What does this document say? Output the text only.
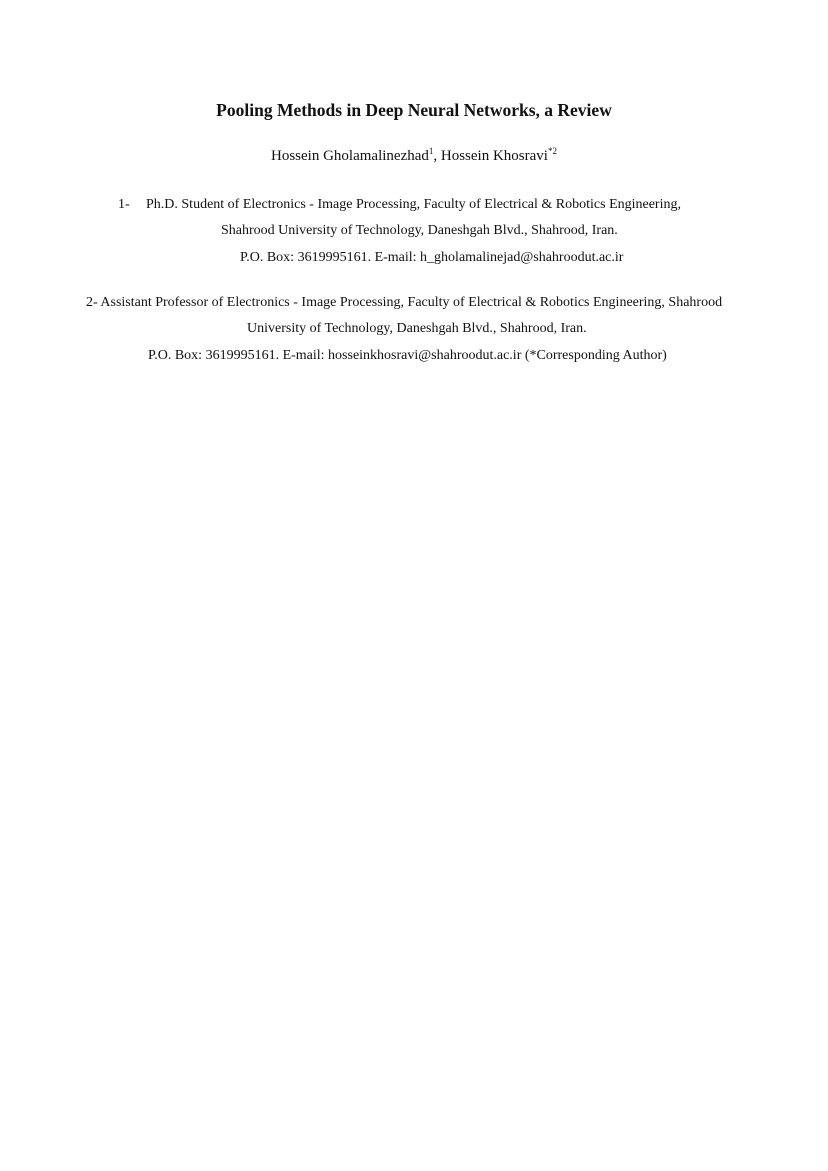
Pooling Methods in Deep Neural Networks, a Review
Hossein Gholamalinezhad$^1$, Hossein Khosravi$^{*2}$
1- Ph.D. Student of Electronics - Image Processing, Faculty of Electrical & Robotics Engineering,
Shahrood University of Technology, Daneshgah Blvd., Shahrood, Iran.
P.O. Box: 3619995161. E-mail: h_gholamalinejad@shahroodut.ac.ir
2- Assistant Professor of Electronics - Image Processing, Faculty of Electrical & Robotics Engineering, Shahrood
University of Technology, Daneshgah Blvd., Shahrood, Iran.
P.O. Box: 3619995161. E-mail: hosseinkhosravi@shahroodut.ac.ir (*Corresponding Author)
